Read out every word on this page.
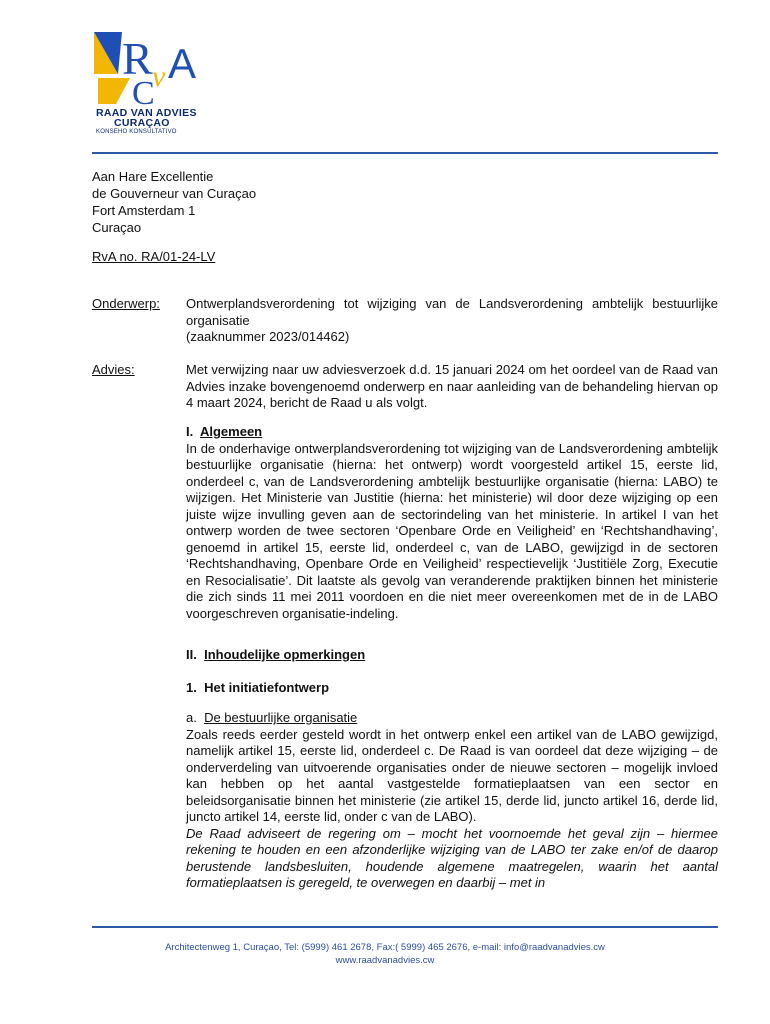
R v A
C
RAAD VAN ADVIES
CURAÇAO
KONSEHO KONSULTATIVO
Aan Hare Excellentie
de Gouverneur van Curaçao
Fort Amsterdam 1
Curaçao
RvA no. RA/01-24-LV
Onderwerp: Ontwerplandsverordening tot wijziging van de Landsverordening ambtelijk bestuurlijke organisatie

(zaaknummer 2023/014462)

Advies:	Met verwijzing naar uw adviesverzoek d.d. 15 januari 2024 om het oordeel van de Raad van Advies inzake bovengenoemd onderwerp en naar aanleiding van de behandeling hiervan op 4 maart 2024, bericht de Raad u als volgt.

I. Algemeen

In de onderhavige ontwerplandsverordening tot wijziging van de Landsverordening ambtelijk bestuurlijke organisatie (hierna: het ontwerp) wordt voorgesteld artikel 15, eerste lid, onderdeel c, van de Landsverordening ambtelijk bestuurlijke organisatie (hierna: LABO) te wijzigen. Het Ministerie van Justitie (hierna: het ministerie) wil door deze wijziging op een juiste wijze invulling geven aan de sectorindeling van het ministerie. In artikel I van het ontwerp worden de twee sectoren ‘Openbare Orde en Veiligheid’ en ‘Rechtshandhaving’, genoemd in artikel 15, eerste lid, onderdeel c, van de LABO, gewijzigd in de sectoren ‘Rechtshandhaving, Openbare Orde en Veiligheid’ respectievelijk ‘Justitiële Zorg, Executie en Resocialisatie’. Dit laatste als gevolg van veranderende praktijken binnen het ministerie die zich sinds 11 mei 2011 voordoen en die niet meer overeenkomen met de in de LABO voorgeschreven organisatie-indeling.

II. Inhoudelijke opmerkingen

1. Het initiatiefontwerp

a. De bestuurlijke organisatie

Zoals reeds eerder gesteld wordt in het ontwerp enkel een artikel van de LABO gewijzigd, namelijk artikel 15, eerste lid, onderdeel c. De Raad is van oordeel dat deze wijziging – de onderverdeling van uitvoerende organisaties onder de nieuwe sectoren – mogelijk invloed kan hebben op het aantal vastgestelde formatieplaatsen van een sector en beleidsorganisatie binnen het ministerie (zie artikel 15, derde lid, juncto artikel 16, derde lid, juncto artikel 14, eerste lid, onder c van de LABO).

De Raad adviseert de regering om – mocht het voornoemde het geval zijn – hiermee rekening te houden en een afzonderlijke wijziging van de LABO ter zake en/of de daarop berustende landsbesluiten, houdende algemene maatregelen, waarin het aantal formatieplaatsen is geregeld, te overwegen en daarbij – met in

Architectenweg 1, Curaçao, Tel: (5999) 461 2678, Fax:( 5999) 465 2676, e-mail: info@raadvanadvies.cw
www.raadvanadvies.cw
